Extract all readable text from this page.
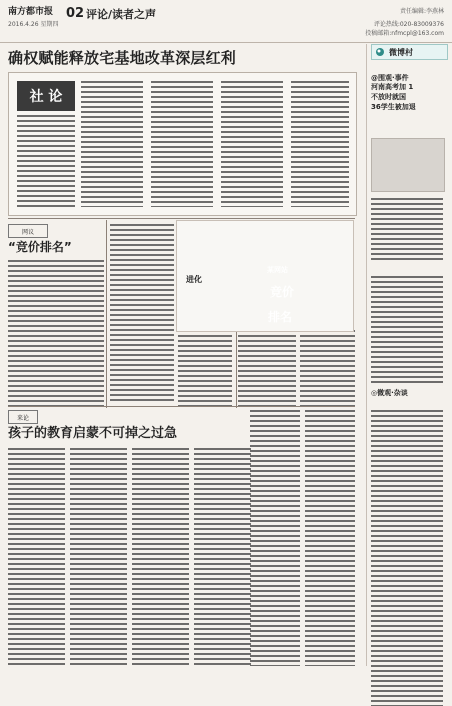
南方都市报 02 评论/读者之声
2016.4.26 星期四
责任编辑:李燕林
评论热线:020-83009376
投稿邮箱:nfmcpl@163.com
确权赋能释放宅基地改革深层红利
社 论
网议
“竞价排名”
进化
某网站
竞价
排名
来论
孩子的教育启蒙不可掉之过急
微博村
@围观·事件
河南高考加 1
不放时就国
36学生被加退
◎微观·杂谈
